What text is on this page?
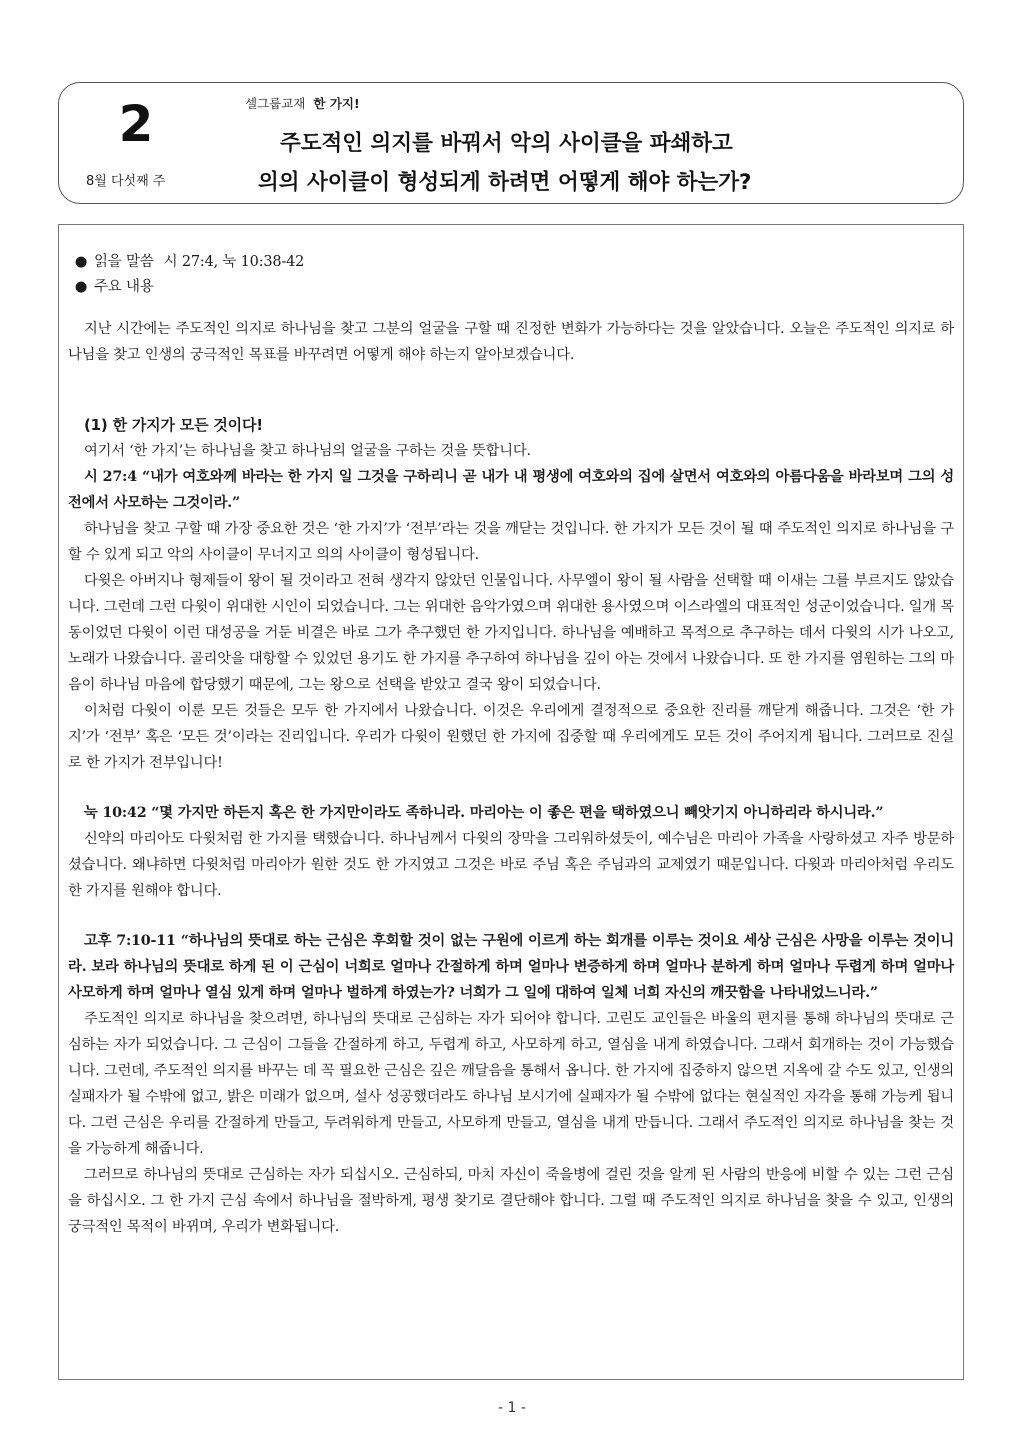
2
8월 다섯째 주
셀그룹교재 한 가지!
주도적인 의지를 바꿔서 악의 사이클을 파쇄하고
의의 사이클이 형성되게 하려면 어떻게 해야 하는가?
● 읽을 말씀 시 27:4, 눅 10:38-42
● 주요 내용

지난 시간에는 주도적인 의지로 하나님을 찾고 그분의 얼굴을 구할 때 진정한 변화가 가능하다는 것을 알았습니다. 오늘은 주도적인 의지로 하나님을 찾고 인생의 궁극적인 목표를 바꾸려면 어떻게 해야 하는지 알아보겠습니다.

(1) 한 가지가 모든 것이다!

여기서 ‘한 가지’는 하나님을 찾고 하나님의 얼굴을 구하는 것을 뜻합니다.

시 27:4 “내가 여호와께 바라는 한 가지 일 그것을 구하리니 곧 내가 내 평생에 여호와의 집에 살면서 여호와의 아름다움을 바라보며 그의 성전에서 사모하는 그것이라.”

하나님을 찾고 구할 때 가장 중요한 것은 ‘한 가지’가 ‘전부’라는 것을 깨닫는 것입니다. 한 가지가 모든 것이 될 때 주도적인 의지로 하나님을 구할 수 있게 되고 악의 사이클이 무너지고 의의 사이클이 형성됩니다.

다윗은 아버지나 형제들이 왕이 될 것이라고 전혀 생각지 않았던 인물입니다. 사무엘이 왕이 될 사람을 선택할 때 이새는 그를 부르지도 않았습니다. 그런데 그런 다윗이 위대한 시인이 되었습니다. 그는 위대한 음악가였으며 위대한 용사였으며 이스라엘의 대표적인 성군이었습니다. 일개 목동이었던 다윗이 이런 대성공을 거둔 비결은 바로 그가 추구했던 한 가지입니다. 하나님을 예배하고 목적으로 추구하는 데서 다윗의 시가 나오고, 노래가 나왔습니다. 골리앗을 대항할 수 있었던 용기도 한 가지를 추구하여 하나님을 깊이 아는 것에서 나왔습니다. 또 한 가지를 염원하는 그의 마음이 하나님 마음에 합당했기 때문에, 그는 왕으로 선택을 받았고 결국 왕이 되었습니다.

이처럼 다윗이 이룬 모든 것들은 모두 한 가지에서 나왔습니다. 이것은 우리에게 결정적으로 중요한 진리를 깨닫게 해줍니다. 그것은 ‘한 가지’가 ‘전부’ 혹은 ‘모든 것’이라는 진리입니다. 우리가 다윗이 원했던 한 가지에 집중할 때 우리에게도 모든 것이 주어지게 됩니다. 그러므로 진실로 한 가지가 전부입니다!

눅 10:42 “몇 가지만 하든지 혹은 한 가지만이라도 족하니라. 마리아는 이 좋은 편을 택하였으니 빼앗기지 아니하리라 하시니라.”

신약의 마리아도 다윗처럼 한 가지를 택했습니다. 하나님께서 다윗의 장막을 그리워하셨듯이, 예수님은 마리아 가족을 사랑하셨고 자주 방문하셨습니다. 왜냐하면 다윗처럼 마리아가 원한 것도 한 가지였고 그것은 바로 주님 혹은 주님과의 교제였기 때문입니다. 다윗과 마리아처럼 우리도 한 가지를 원해야 합니다.

고후 7:10-11 “하나님의 뜻대로 하는 근심은 후회할 것이 없는 구원에 이르게 하는 회개를 이루는 것이요 세상 근심은 사망을 이루는 것이니라. 보라 하나님의 뜻대로 하게 된 이 근심이 너희로 얼마나 간절하게 하며 얼마나 변증하게 하며 얼마나 분하게 하며 얼마나 두렵게 하며 얼마나 사모하게 하며 얼마나 열심 있게 하며 얼마나 벌하게 하였는가? 너희가 그 일에 대하여 일체 너희 자신의 깨끗함을 나타내었느니라.”

주도적인 의지로 하나님을 찾으려면, 하나님의 뜻대로 근심하는 자가 되어야 합니다. 고린도 교인들은 바울의 편지를 통해 하나님의 뜻대로 근심하는 자가 되었습니다. 그 근심이 그들을 간절하게 하고, 두렵게 하고, 사모하게 하고, 열심을 내게 하였습니다. 그래서 회개하는 것이 가능했습니다. 그런데, 주도적인 의지를 바꾸는 데 꼭 필요한 근심은 깊은 깨달음을 통해서 옵니다. 한 가지에 집중하지 않으면 지옥에 갈 수도 있고, 인생의 실패자가 될 수밖에 없고, 밝은 미래가 없으며, 설사 성공했더라도 하나님 보시기에 실패자가 될 수밖에 없다는 현실적인 자각을 통해 가능케 됩니다. 그런 근심은 우리를 간절하게 만들고, 두려워하게 만들고, 사모하게 만들고, 열심을 내게 만듭니다. 그래서 주도적인 의지로 하나님을 찾는 것을 가능하게 해줍니다.

그러므로 하나님의 뜻대로 근심하는 자가 되십시오. 근심하되, 마치 자신이 죽을병에 걸린 것을 알게 된 사람의 반응에 비할 수 있는 그런 근심을 하십시오. 그 한 가지 근심 속에서 하나님을 절박하게, 평생 찾기로 결단해야 합니다. 그럴 때 주도적인 의지로 하나님을 찾을 수 있고, 인생의 궁극적인 목적이 바뀌며, 우리가 변화됩니다.

- 1 -
